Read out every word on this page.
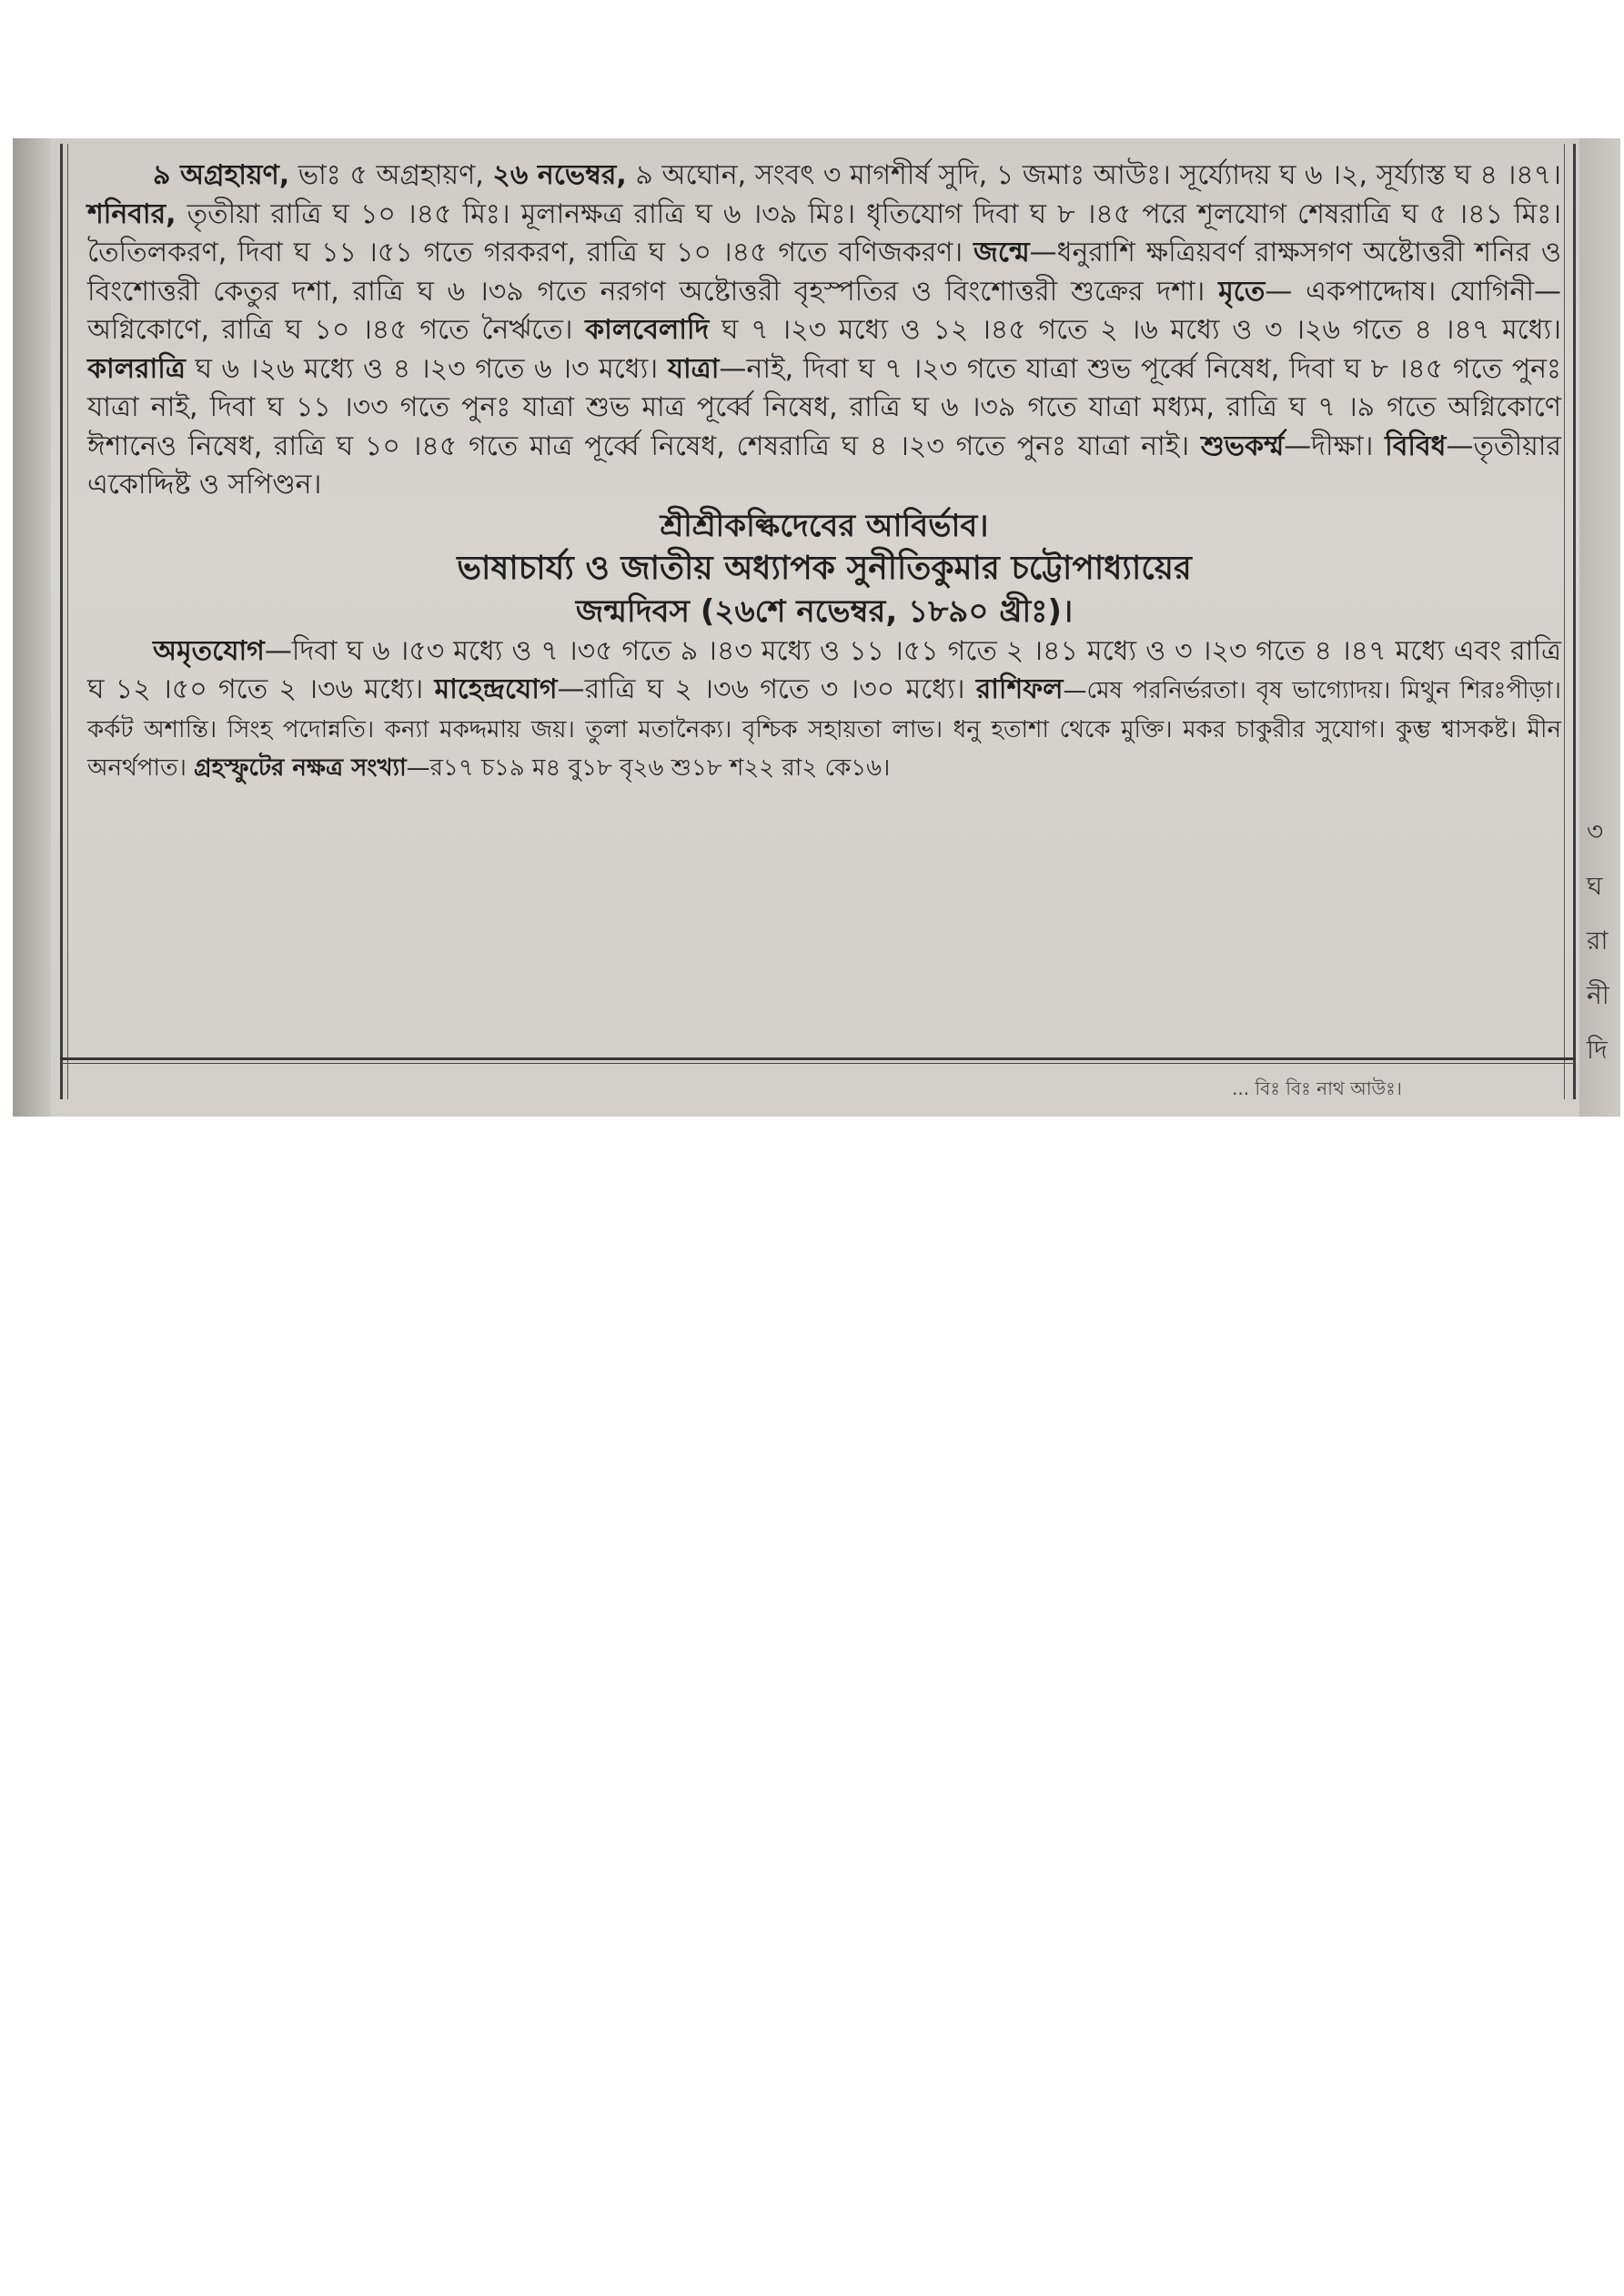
৯ অগ্রহায়ণ, ভাঃ ৫ অগ্রহায়ণ, ২৬ নভেম্বর, ৯ অঘোন, সংবৎ ৩ মাগশীর্ষ সুদি, ১ জমাঃ আউঃ। সূর্য্যোদয় ঘ ৬ ।২, সূর্য্যাস্ত ঘ ৪ ।৪৭। শনিবার, তৃতীয়া রাত্রি ঘ ১০ ।৪৫ মিঃ। মূলানক্ষত্র রাত্রি ঘ ৬ ।৩৯ মিঃ। ধৃতিযোগ দিবা ঘ ৮ ।৪৫ পরে শূলযোগ শেষরাত্রি ঘ ৫ ।৪১ মিঃ। তৈতিলকরণ, দিবা ঘ ১১ ।৫১ গতে গরকরণ, রাত্রি ঘ ১০ ।৪৫ গতে বণিজকরণ। জন্মে—ধনুরাশি ক্ষত্রিয়বর্ণ রাক্ষসগণ অষ্টোত্তরী শনির ও বিংশোত্তরী কেতুর দশা, রাত্রি ঘ ৬ ।৩৯ গতে নরগণ অষ্টোত্তরী বৃহস্পতির ও বিংশোত্তরী শুক্রের দশা। মৃতে— একপাদ্দোষ। যোগিনী—অগ্নিকোণে, রাত্রি ঘ ১০ ।৪৫ গতে নৈর্ঋতে। কালবেলাদি ঘ ৭ ।২৩ মধ্যে ও ১২ ।৪৫ গতে ২ ।৬ মধ্যে ও ৩ ।২৬ গতে ৪ ।৪৭ মধ্যে। কালরাত্রি ঘ ৬ ।২৬ মধ্যে ও ৪ ।২৩ গতে ৬ ।৩ মধ্যে। যাত্রা—নাই, দিবা ঘ ৭ ।২৩ গতে যাত্রা শুভ পূর্ব্বে নিষেধ, দিবা ঘ ৮ ।৪৫ গতে পুনঃ যাত্রা নাই, দিবা ঘ ১১ ।৩৩ গতে পুনঃ যাত্রা শুভ মাত্র পূর্ব্বে নিষেধ, রাত্রি ঘ ৬ ।৩৯ গতে যাত্রা মধ্যম, রাত্রি ঘ ৭ ।৯ গতে অগ্নিকোণে ঈশানেও নিষেধ, রাত্রি ঘ ১০ ।৪৫ গতে মাত্র পূর্ব্বে নিষেধ, শেষরাত্রি ঘ ৪ ।২৩ গতে পুনঃ যাত্রা নাই। শুভকর্ম্ম—দীক্ষা। বিবিধ—তৃতীয়ার একোদ্দিষ্ট ও সপিণ্ডন।

শ্রীশ্রীকল্কিদেবের আবির্ভাব।

ভাষাচার্য্য ও জাতীয় অধ্যাপক সুনীতিকুমার চট্টোপাধ্যায়ের

জন্মদিবস (২৬শে নভেম্বর, ১৮৯০ খ্রীঃ)।

অমৃতযোগ—দিবা ঘ ৬ ।৫৩ মধ্যে ও ৭ ।৩৫ গতে ৯ ।৪৩ মধ্যে ও ১১ ।৫১ গতে ২ ।৪১ মধ্যে ও ৩ ।২৩ গতে ৪ ।৪৭ মধ্যে এবং রাত্রি ঘ ১২ ।৫০ গতে ২ ।৩৬ মধ্যে। মাহেন্দ্রযোগ—রাত্রি ঘ ২ ।৩৬ গতে ৩ ।৩০ মধ্যে। রাশিফল—মেষ পরনির্ভরতা। বৃষ ভাগ্যোদয়। মিথুন শিরঃপীড়া। কর্কট অশান্তি। সিংহ পদোন্নতি। কন্যা মকদ্দমায় জয়। তুলা মতানৈক্য। বৃশ্চিক সহায়তা লাভ। ধনু হতাশা থেকে মুক্তি। মকর চাকুরীর সুযোগ। কুম্ভ শ্বাসকষ্ট। মীন অনর্থপাত। গ্রহস্ফুটের নক্ষত্র সংখ্যা—র১৭ চ১৯ ম৪ বু১৮ বৃ২৬ শু১৮ শ২২ রা২ কে১৬।

... বিঃ বিঃ নাথ আউঃ।
৩
ঘ
রা
নী
দি
